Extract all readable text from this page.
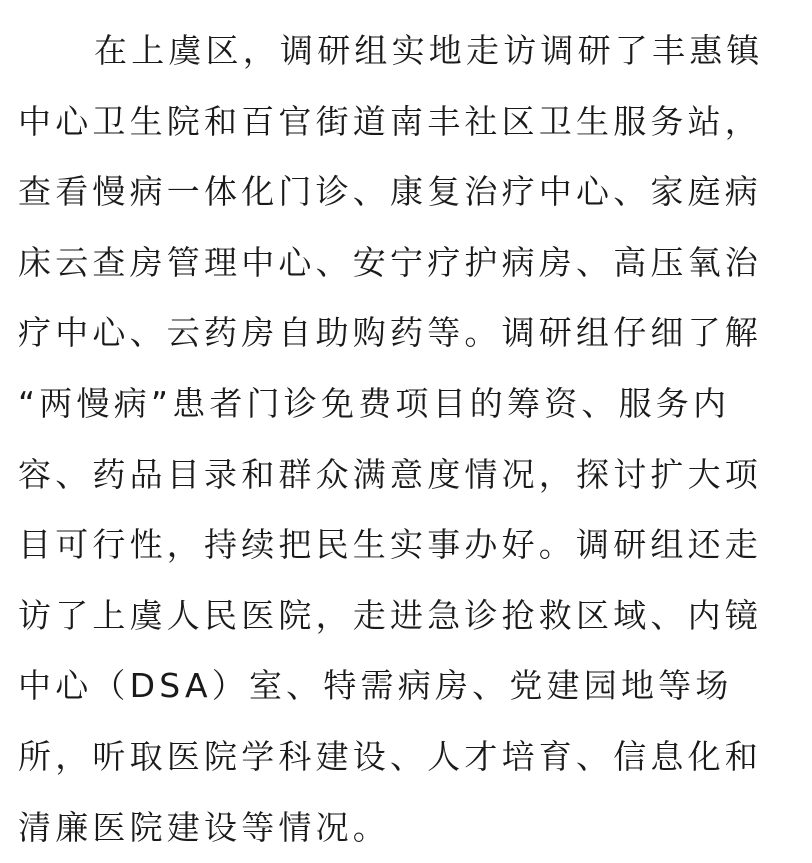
在上虞区，调研组实地走访调研了丰惠镇
中心卫生院和百官街道南丰社区卫生服务站，
查看慢病一体化门诊、康复治疗中心、家庭病
床云查房管理中心、安宁疗护病房、高压氧治
疗中心、云药房自助购药等。调研组仔细了解
“两慢病”患者门诊免费项目的筹资、服务内
容、药品目录和群众满意度情况，探讨扩大项
目可行性，持续把民生实事办好。调研组还走
访了上虞人民医院，走进急诊抢救区域、内镜
中心（DSA）室、特需病房、党建园地等场
所，听取医院学科建设、人才培育、信息化和
清廉医院建设等情况。
